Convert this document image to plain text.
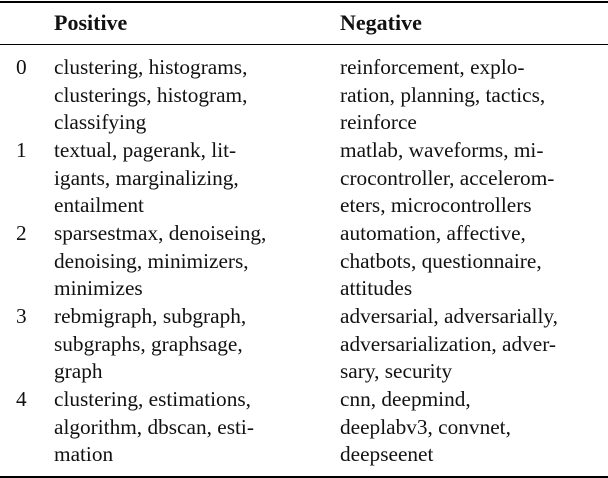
Positive	Negative
0 clustering, histograms,
clusterings, histogram,
classifying
reinforcement, explo-
ration, planning, tactics,
reinforce
1 textual, pagerank, lit-
igants, marginalizing,
entailment
matlab, waveforms, mi-
crocontroller, accelerom-
eters, microcontrollers
2 sparsestmax, denoiseing,
denoising, minimizers,
minimizes
automation, affective,
chatbots, questionnaire,
attitudes
3 rebmigraph, subgraph,
subgraphs, graphsage,
graph
adversarial, adversarially,
adversarialization, adver-
sary, security
4 clustering, estimations,
algorithm, dbscan, esti-
mation
cnn, deepmind,
deeplabv3, convnet,
deepseenet
